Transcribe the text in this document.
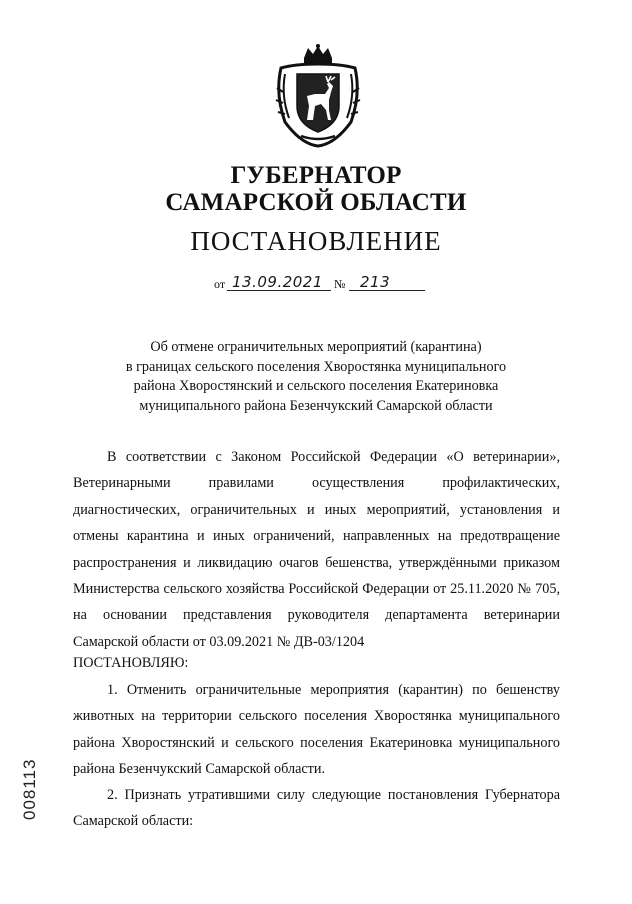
ГУБЕРНАТОР
САМАРСКОЙ ОБЛАСТИ
ПОСТАНОВЛЕНИЕ
от 13.09.2021 № 213
Об отмене ограничительных мероприятий (карантина)
в границах сельского поселения Хворостянка муниципального
района Хворостянский и сельского поселения Екатериновка
муниципального района Безенчукский Самарской области
В соответствии с Законом Российской Федерации «О ветеринарии», Ветеринарными правилами осуществления профилактических, диагностических, ограничительных и иных мероприятий, установления и отмены карантина и иных ограничений, направленных на предотвращение распространения и ликвидацию очагов бешенства, утверждёнными приказом Министерства сельского хозяйства Российской Федерации от 25.11.2020 № 705, на основании представления руководителя департамента ветеринарии Самарской области от 03.09.2021 № ДВ-03/1204
ПОСТАНОВЛЯЮ:
1. Отменить ограничительные мероприятия (карантин) по бешенству животных на территории сельского поселения Хворостянка муниципального района Хворостянский и сельского поселения Екатериновка муниципального района Безенчукский Самарской области.
2. Признать утратившими силу следующие постановления Губернатора Самарской области:
008113
